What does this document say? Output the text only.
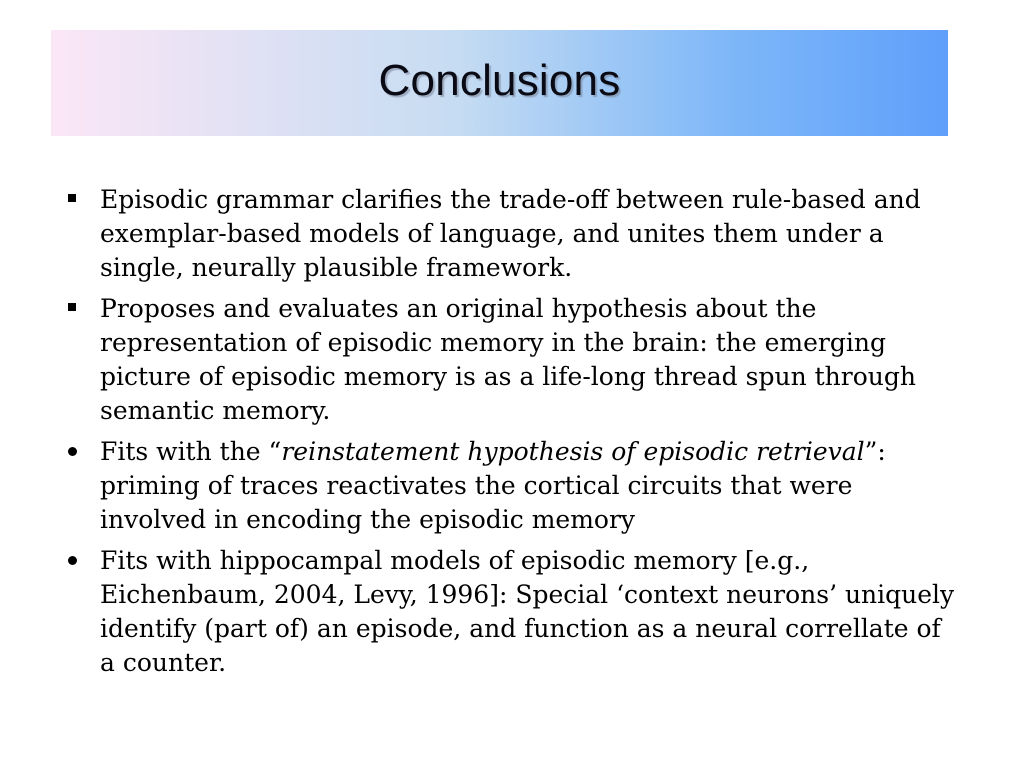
Conclusions
Episodic grammar clarifies the trade-off between rule-based and exemplar-based models of language, and unites them under a single, neurally plausible framework.
Proposes and evaluates an original hypothesis about the representation of episodic memory in the brain: the emerging picture of episodic memory is as a life-long thread spun through semantic memory.
Fits with the “reinstatement hypothesis of episodic retrieval”: priming of traces reactivates the cortical circuits that were involved in encoding the episodic memory
Fits with hippocampal models of episodic memory [e.g., Eichenbaum, 2004, Levy, 1996]: Special ‘context neurons’ uniquely identify (part of) an episode, and function as a neural correllate of a counter.
